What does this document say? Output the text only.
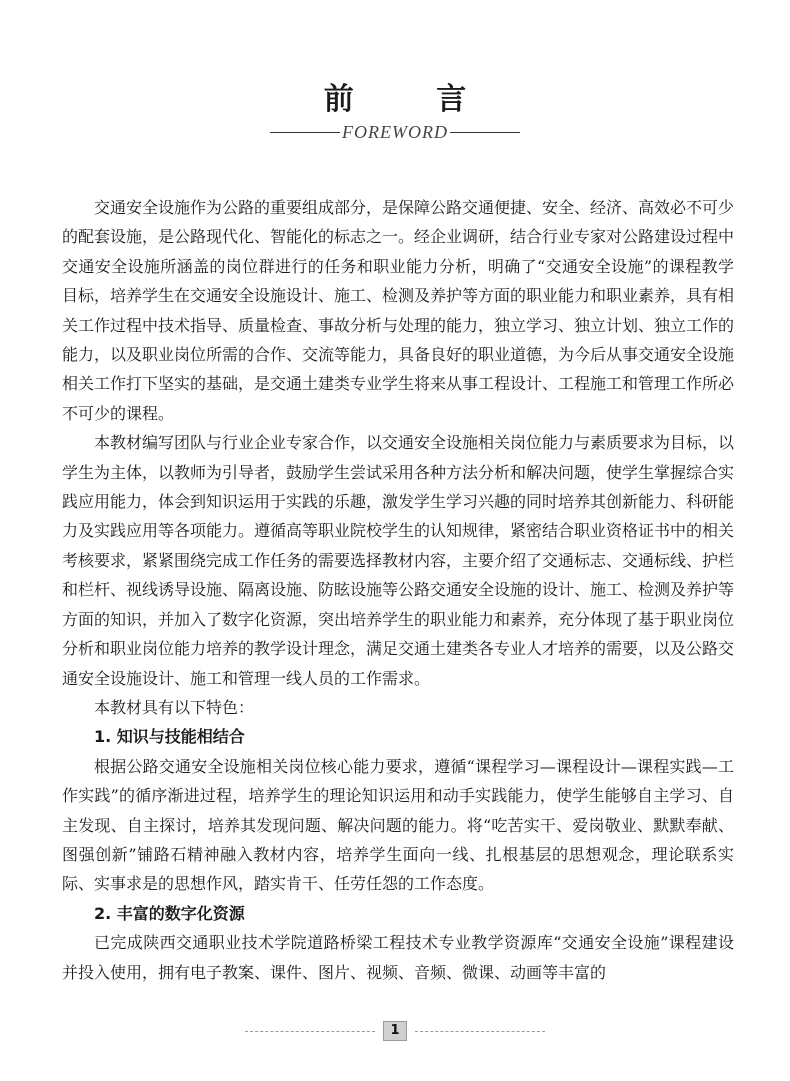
前 言
FOREWORD

交通安全设施作为公路的重要组成部分，是保障公路交通便捷、安全、经济、高效必不可少的配套设施，是公路现代化、智能化的标志之一。经企业调研，结合行业专家对公路建设过程中交通安全设施所涵盖的岗位群进行的任务和职业能力分析，明确了“交通安全设施”的课程教学目标，培养学生在交通安全设施设计、施工、检测及养护等方面的职业能力和职业素养，具有相关工作过程中技术指导、质量检查、事故分析与处理的能力，独立学习、独立计划、独立工作的能力，以及职业岗位所需的合作、交流等能力，具备良好的职业道德，为今后从事交通安全设施相关工作打下坚实的基础，是交通土建类专业学生将来从事工程设计、工程施工和管理工作所必不可少的课程。

本教材编写团队与行业企业专家合作，以交通安全设施相关岗位能力与素质要求为目标，以学生为主体，以教师为引导者，鼓励学生尝试采用各种方法分析和解决问题，使学生掌握综合实践应用能力，体会到知识运用于实践的乐趣，激发学生学习兴趣的同时培养其创新能力、科研能力及实践应用等各项能力。遵循高等职业院校学生的认知规律，紧密结合职业资格证书中的相关考核要求，紧紧围绕完成工作任务的需要选择教材内容，主要介绍了交通标志、交通标线、护栏和栏杆、视线诱导设施、隔离设施、防眩设施等公路交通安全设施的设计、施工、检测及养护等方面的知识，并加入了数字化资源，突出培养学生的职业能力和素养，充分体现了基于职业岗位分析和职业岗位能力培养的教学设计理念，满足交通土建类各专业人才培养的需要，以及公路交通安全设施设计、施工和管理一线人员的工作需求。

本教材具有以下特色：

1. 知识与技能相结合

根据公路交通安全设施相关岗位核心能力要求，遵循“课程学习—课程设计—课程实践—工作实践”的循序渐进过程，培养学生的理论知识运用和动手实践能力，使学生能够自主学习、自主发现、自主探讨，培养其发现问题、解决问题的能力。将“吃苦实干、爱岗敬业、默默奉献、图强创新”铺路石精神融入教材内容，培养学生面向一线、扎根基层的思想观念，理论联系实际、实事求是的思想作风，踏实肯干、任劳任怨的工作态度。

2. 丰富的数字化资源

已完成陕西交通职业技术学院道路桥梁工程技术专业教学资源库“交通安全设施”课程建设并投入使用，拥有电子教案、课件、图片、视频、音频、微课、动画等丰富的

1
